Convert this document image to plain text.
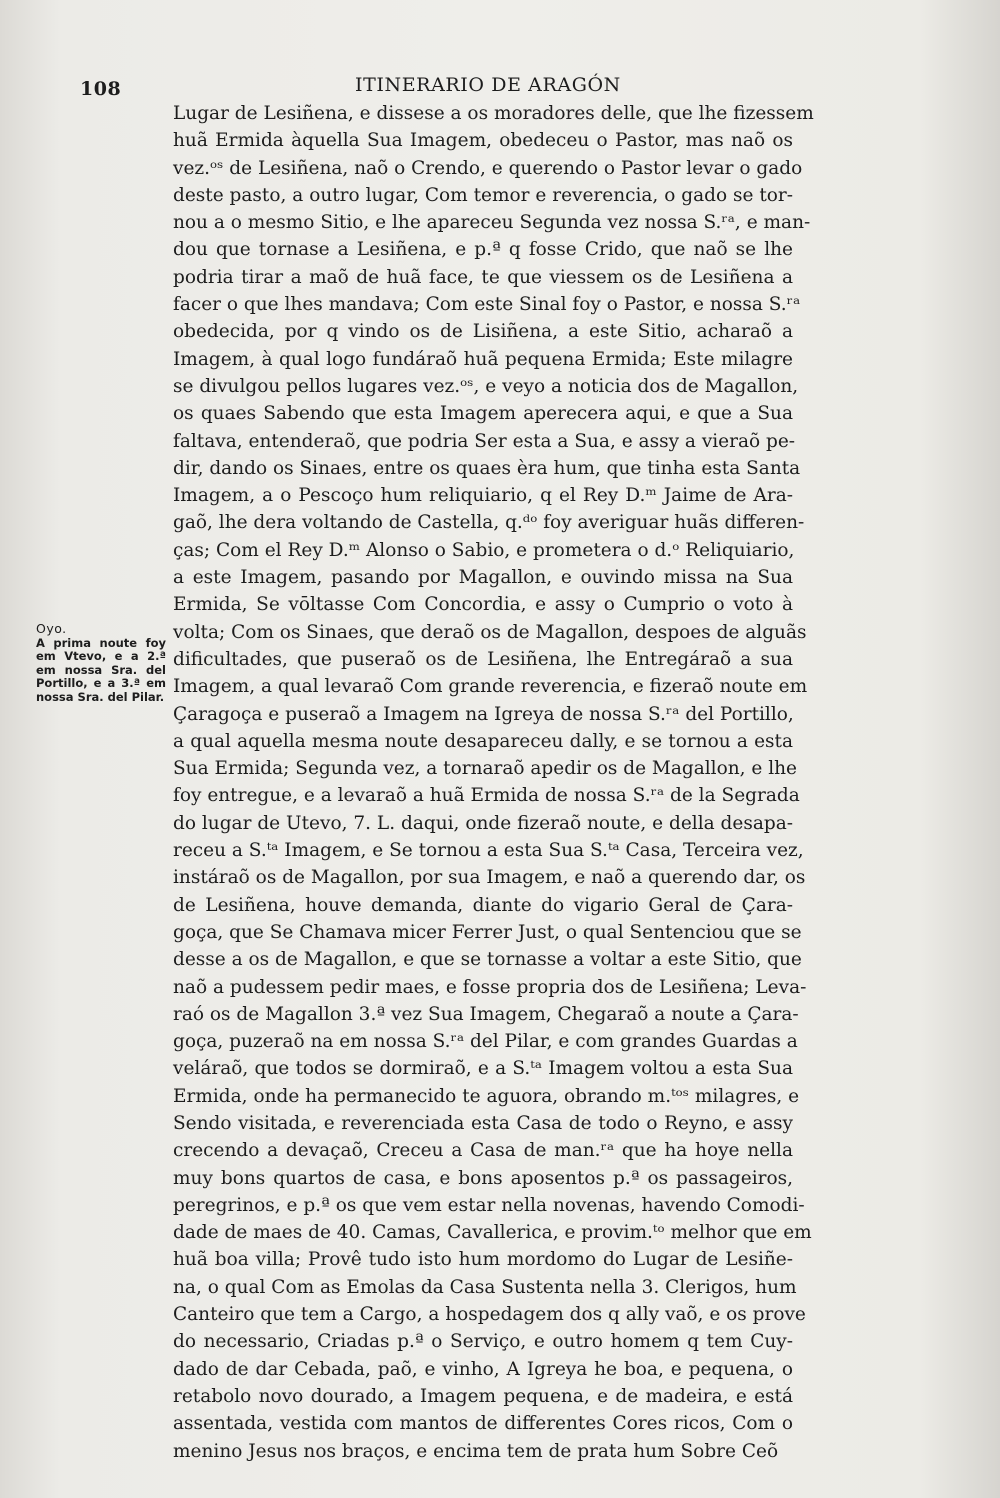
108	ITINERARIO DE ARAGÓN
Oyo.
A prima noute foy em Vtevo, e a 2.ª em nossa Sra. del Portillo, e a 3.ª em nossa Sra. del Pilar.
Lugar de Lesiñena, e dissese a os moradores delle, que lhe fizessem
huã Ermida àquella Sua Imagem, obedeceu o Pastor, mas naõ os
vez.ᵒˢ de Lesiñena, naõ o Crendo, e querendo o Pastor levar o gado
deste pasto, a outro lugar, Com temor e reverencia, o gado se tor-
nou a o mesmo Sitio, e lhe apareceu Segunda vez nossa S.ʳᵃ, e man-
dou que tornase a Lesiñena, e p.ª q fosse Crido, que naõ se lhe
podria tirar a maõ de huã face, te que viessem os de Lesiñena a
facer o que lhes mandava; Com este Sinal foy o Pastor, e nossa S.ʳᵃ
obedecida, por q vindo os de Lisiñena, a este Sitio, acharaõ a
Imagem, à qual logo fundáraõ huã pequena Ermida; Este milagre
se divulgou pellos lugares vez.ᵒˢ, e veyo a noticia dos de Magallon,
os quaes Sabendo que esta Imagem aperecera aqui, e que a Sua
faltava, entenderaõ, que podria Ser esta a Sua, e assy a vieraõ pe-
dir, dando os Sinaes, entre os quaes èra hum, que tinha esta Santa
Imagem, a o Pescoço hum reliquiario, q el Rey D.ᵐ Jaime de Ara-
gaõ, lhe dera voltando de Castella, q.ᵈᵒ foy averiguar huãs differen-
ças; Com el Rey D.ᵐ Alonso o Sabio, e prometera o d.ᵒ Reliquiario,
a este Imagem, pasando por Magallon, e ouvindo missa na Sua
Ermida, Se vōltasse Com Concordia, e assy o Cumprio o voto à
volta; Com os Sinaes, que deraõ os de Magallon, despoes de alguãs
dificultades, que puseraõ os de Lesiñena, lhe Entregáraõ a sua
Imagem, a qual levaraõ Com grande reverencia, e fizeraõ noute em
Çaragoça e puseraõ a Imagem na Igreya de nossa S.ʳᵃ del Portillo,
a qual aquella mesma noute desapareceu dally, e se tornou a esta
Sua Ermida; Segunda vez, a tornaraõ apedir os de Magallon, e lhe
foy entregue, e a levaraõ a huã Ermida de nossa S.ʳᵃ de la Segrada
do lugar de Utevo, 7. L. daqui, onde fizeraõ noute, e della desapa-
receu a S.ᵗᵃ Imagem, e Se tornou a esta Sua S.ᵗᵃ Casa, Terceira vez,
instáraõ os de Magallon, por sua Imagem, e naõ a querendo dar, os
de Lesiñena, houve demanda, diante do vigario Geral de Çara-
goça, que Se Chamava micer Ferrer Just, o qual Sentenciou que se
desse a os de Magallon, e que se tornasse a voltar a este Sitio, que
naõ a pudessem pedir maes, e fosse propria dos de Lesiñena; Leva-
raó os de Magallon 3.ª vez Sua Imagem, Chegaraõ a noute a Çara-
goça, puzeraõ na em nossa S.ʳᵃ del Pilar, e com grandes Guardas a
veláraõ, que todos se dormiraõ, e a S.ᵗᵃ Imagem voltou a esta Sua
Ermida, onde ha permanecido te aguora, obrando m.ᵗᵒˢ milagres, e
Sendo visitada, e reverenciada esta Casa de todo o Reyno, e assy
crecendo a devaçaõ, Creceu a Casa de man.ʳᵃ que ha hoye nella
muy bons quartos de casa, e bons aposentos p.ª os passageiros,
peregrinos, e p.ª os que vem estar nella novenas, havendo Comodi-
dade de maes de 40. Camas, Cavallerica, e provim.ᵗᵒ melhor que em
huã boa villa; Provê tudo isto hum mordomo do Lugar de Lesiñe-
na, o qual Com as Emolas da Casa Sustenta nella 3. Clerigos, hum
Canteiro que tem a Cargo, a hospedagem dos q ally vaõ, e os prove
do necessario, Criadas p.ª o Serviço, e outro homem q tem Cuy-
dado de dar Cebada, paõ, e vinho, A Igreya he boa, e pequena, o
retabolo novo dourado, a Imagem pequena, e de madeira, e está
assentada, vestida com mantos de differentes Cores ricos, Com o
menino Jesus nos braços, e encima tem de prata hum Sobre Ceõ
